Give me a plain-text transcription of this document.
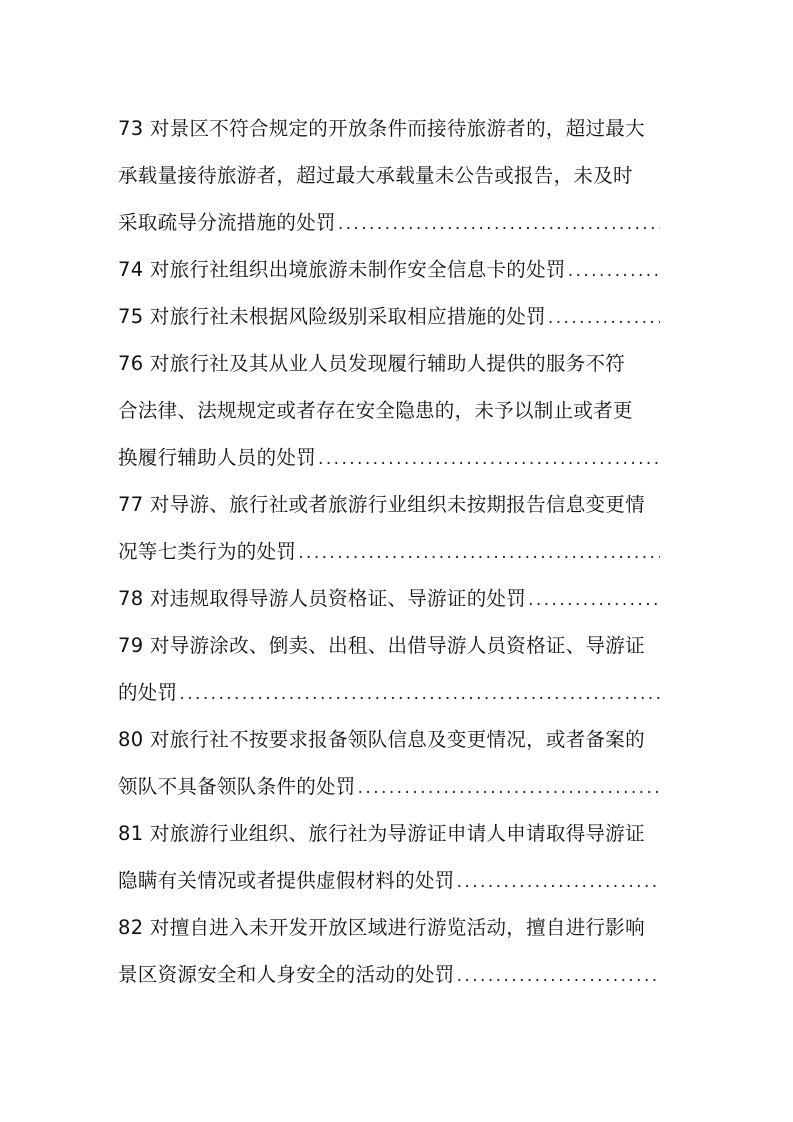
73 对景区不符合规定的开放条件而接待旅游者的，超过最大
承载量接待旅游者，超过最大承载量未公告或报告，未及时
采取疏导分流措施的处罚
. . .
74 对旅行社组织出境旅游未制作安全信息卡的处罚
. . .
75 对旅行社未根据风险级别采取相应措施的处罚
. . .
76 对旅行社及其从业人员发现履行辅助人提供的服务不符
合法律、法规规定或者存在安全隐患的，未予以制止或者更
换履行辅助人员的处罚
. . .
77 对导游、旅行社或者旅游行业组织未按期报告信息变更情
况等七类行为的处罚
. . .
78 对违规取得导游人员资格证、导游证的处罚
. . .
79 对导游涂改、倒卖、出租、出借导游人员资格证、导游证
的处罚
. . .
80 对旅行社不按要求报备领队信息及变更情况，或者备案的
领队不具备领队条件的处罚
. . .
81 对旅游行业组织、旅行社为导游证申请人申请取得导游证
隐瞒有关情况或者提供虚假材料的处罚
. . .
82 对擅自进入未开发开放区域进行游览活动，擅自进行影响
景区资源安全和人身安全的活动的处罚
. . .
